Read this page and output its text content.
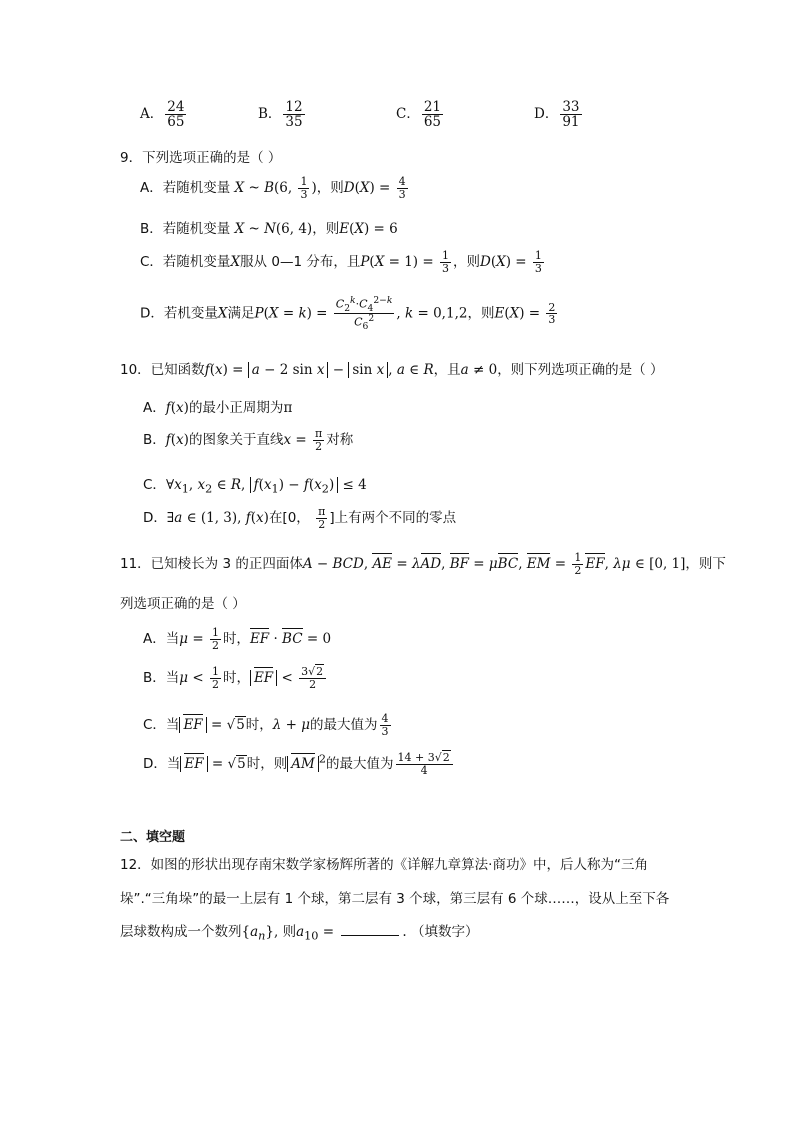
A． $\frac{24}{65}$	B． $\frac{12}{35}$	C． $\frac{21}{65}$	D． $\frac{33}{91}$
9．下列选项正确的是（ ）
A．若随机变量 X ~ B(6, $\frac{1}{3}$ )，则$D(X) = \frac{4}{3}$
B．若随机变量 X ~ N(6, 4)，则E(X) = 6
C．若随机变量X服从 0—1 分布，且$P(X = 1) = \frac{1}{3}$ ，则$D(X) = \frac{1}{3}$
D．若机变量X满足$P(X = k) = \frac{C_2^k\cdot C_4^{2-k}}{C_6^2}$ , k = 0,1,2，则$E(X) = \frac{2}{3}$
10．已知函数f(x) = a − 2 sin x − sin x , a ∈ R，且a ≠ 0，则下列选项正确的是（ ）
A．f(x)的最小正周期为π
B．f(x)的图象关于直线$x = \frac{\pi}{2}$ 对称
C．$\forall x_1$, $x_2$ ∈ R, $f(x_1) - f(x_2) \le 4$
D．∃a ∈ (1, 3), f(x)在[0， $\frac{\pi}{2}$ ]上有两个不同的零点
11．已知棱长为 3 的正四面体A − BCD, AE = λAD, BF = μBC, EM = $\frac{1}{2}$ EF, λμ ∈ [0, 1]，则下
列选项正确的是（ ）
A．当$\mu = \frac{1}{2}$ 时，EF · BC = 0
B．当$\mu < \frac{1}{2}$ 时， EF < $\frac{3√2}{2}$
C．当 EF = √5时，λ + μ的最大值为 $\frac{4}{3}$
D．当 EF = √5时，则 AM $^2$的最大值为 $\frac{14 + 3√2}{4}$
二、填空题
12．如图的形状出现存南宋数学家杨辉所著的《详解九章算法·商功》中，后人称为“三角
垛”.“三角垛”的最一上层有 1 个球，第二层有 3 个球，第三层有 6 个球……，设从上至下各
层球数构成一个数列$\{a_n\}$, 则$a_{10}$ =	. （填数字）
